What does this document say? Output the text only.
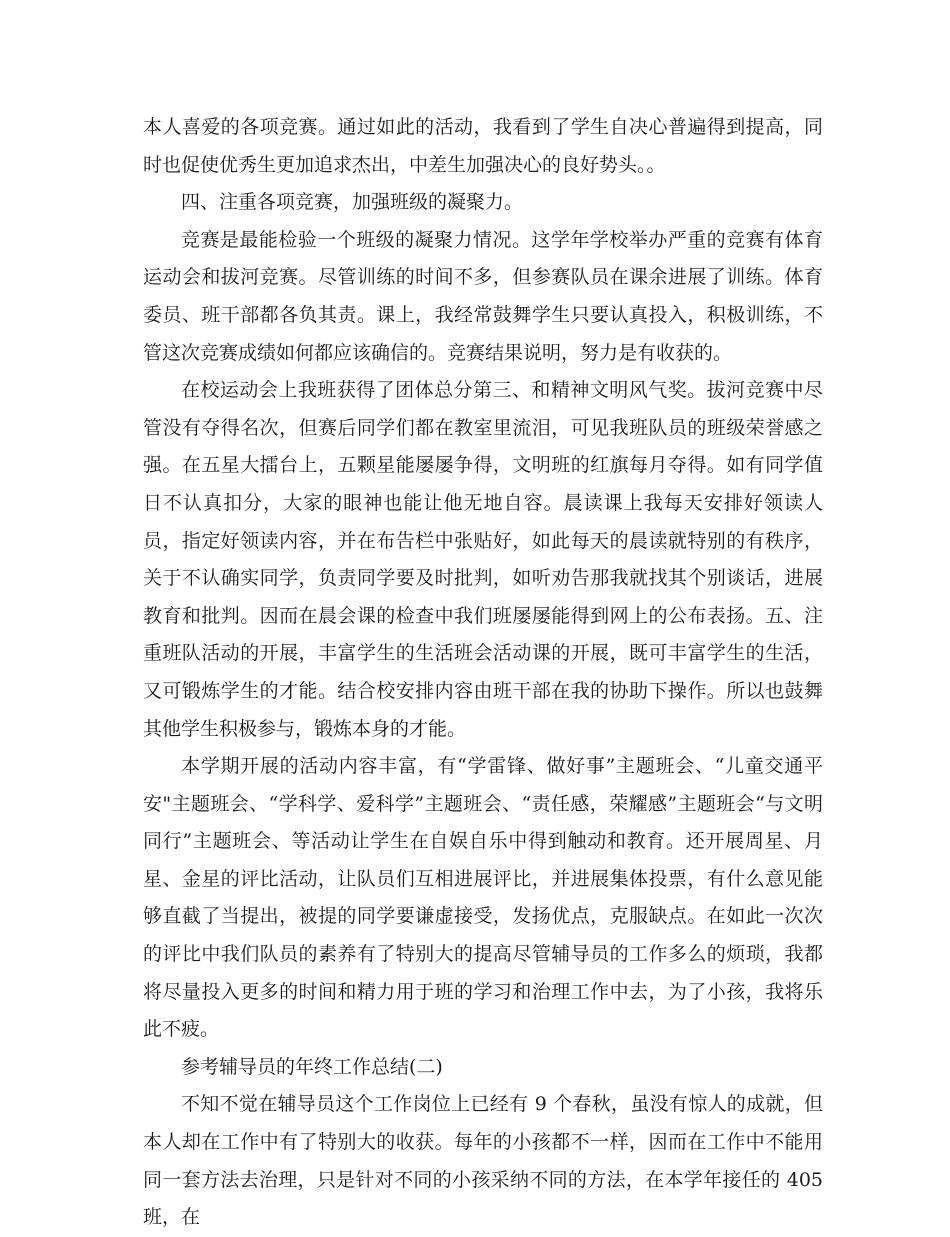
本人喜爱的各项竞赛。通过如此的活动，我看到了学生自决心普遍得到提高，同时也促使优秀生更加追求杰出，中差生加强决心的良好势头。。

四、注重各项竞赛，加强班级的凝聚力。

竞赛是最能检验一个班级的凝聚力情况。这学年学校举办严重的竞赛有体育运动会和拔河竞赛。尽管训练的时间不多，但参赛队员在课余进展了训练。体育委员、班干部都各负其责。课上，我经常鼓舞学生只要认真投入，积极训练，不管这次竞赛成绩如何都应该确信的。竞赛结果说明，努力是有收获的。

在校运动会上我班获得了团体总分第三、和精神文明风气奖。拔河竞赛中尽管没有夺得名次，但赛后同学们都在教室里流泪，可见我班队员的班级荣誉感之强。在五星大擂台上，五颗星能屡屡争得，文明班的红旗每月夺得。如有同学值日不认真扣分，大家的眼神也能让他无地自容。晨读课上我每天安排好领读人员，指定好领读内容，并在布告栏中张贴好，如此每天的晨读就特别的有秩序，关于不认确实同学，负责同学要及时批判，如听劝告那我就找其个别谈话，进展教育和批判。因而在晨会课的检查中我们班屡屡能得到网上的公布表扬。五、注重班队活动的开展，丰富学生的生活班会活动课的开展，既可丰富学生的生活，又可锻炼学生的才能。结合校安排内容由班干部在我的协助下操作。所以也鼓舞其他学生积极参与，锻炼本身的才能。

本学期开展的活动内容丰富，有“学雷锋、做好事”主题班会、“儿童交通平安"主题班会、“学科学、爱科学”主题班会、“责任感，荣耀感”主题班会“与文明同行”主题班会、等活动让学生在自娱自乐中得到触动和教育。还开展周星、月星、金星的评比活动，让队员们互相进展评比，并进展集体投票，有什么意见能够直截了当提出，被提的同学要谦虚接受，发扬优点，克服缺点。在如此一次次的评比中我们队员的素养有了特别大的提高尽管辅导员的工作多么的烦琐，我都将尽量投入更多的时间和精力用于班的学习和治理工作中去，为了小孩，我将乐此不疲。

参考辅导员的年终工作总结(二)

不知不觉在辅导员这个工作岗位上已经有 9 个春秋，虽没有惊人的成就，但本人却在工作中有了特别大的收获。每年的小孩都不一样，因而在工作中不能用同一套方法去治理，只是针对不同的小孩采纳不同的方法，在本学年接任的 405 班，在
